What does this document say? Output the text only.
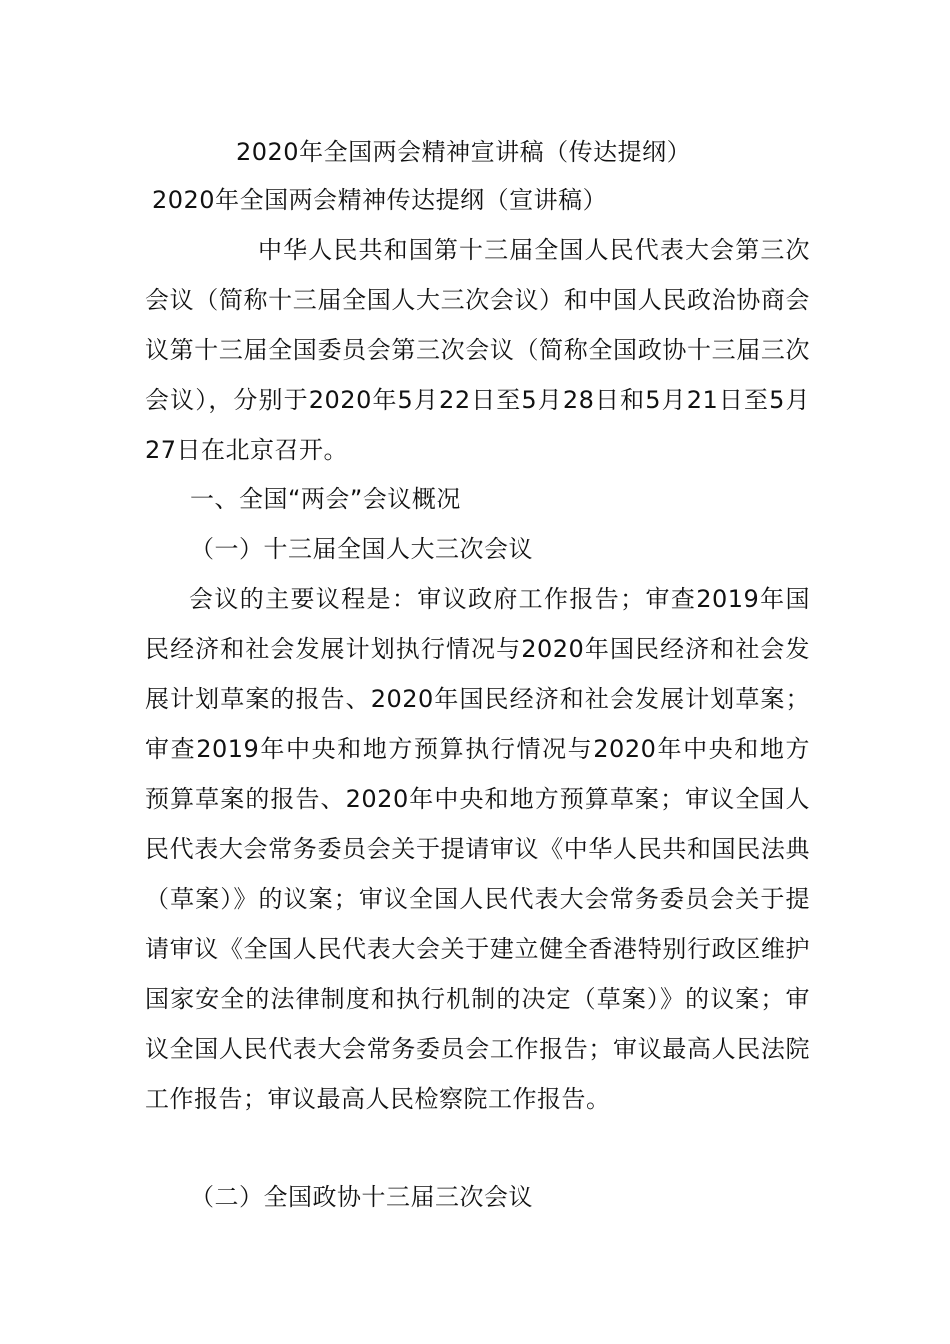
2020年全国两会精神宣讲稿（传达提纲）
2020年全国两会精神传达提纲（宣讲稿）
中华人民共和国第十三届全国人民代表大会第三次会议（简称十三届全国人大三次会议）和中国人民政治协商会议第十三届全国委员会第三次会议（简称全国政协十三届三次会议），分别于2020年5月22日至5月28日和5月21日至5月27日在北京召开。
一、全国“两会”会议概况
（一）十三届全国人大三次会议
会议的主要议程是：审议政府工作报告；审查2019年国民经济和社会发展计划执行情况与2020年国民经济和社会发展计划草案的报告、2020年国民经济和社会发展计划草案；审查2019年中央和地方预算执行情况与2020年中央和地方预算草案的报告、2020年中央和地方预算草案；审议全国人民代表大会常务委员会关于提请审议《中华人民共和国民法典（草案）》的议案；审议全国人民代表大会常务委员会关于提请审议《全国人民代表大会关于建立健全香港特别行政区维护国家安全的法律制度和执行机制的决定（草案）》的议案；审议全国人民代表大会常务委员会工作报告；审议最高人民法院工作报告；审议最高人民检察院工作报告。
（二）全国政协十三届三次会议
